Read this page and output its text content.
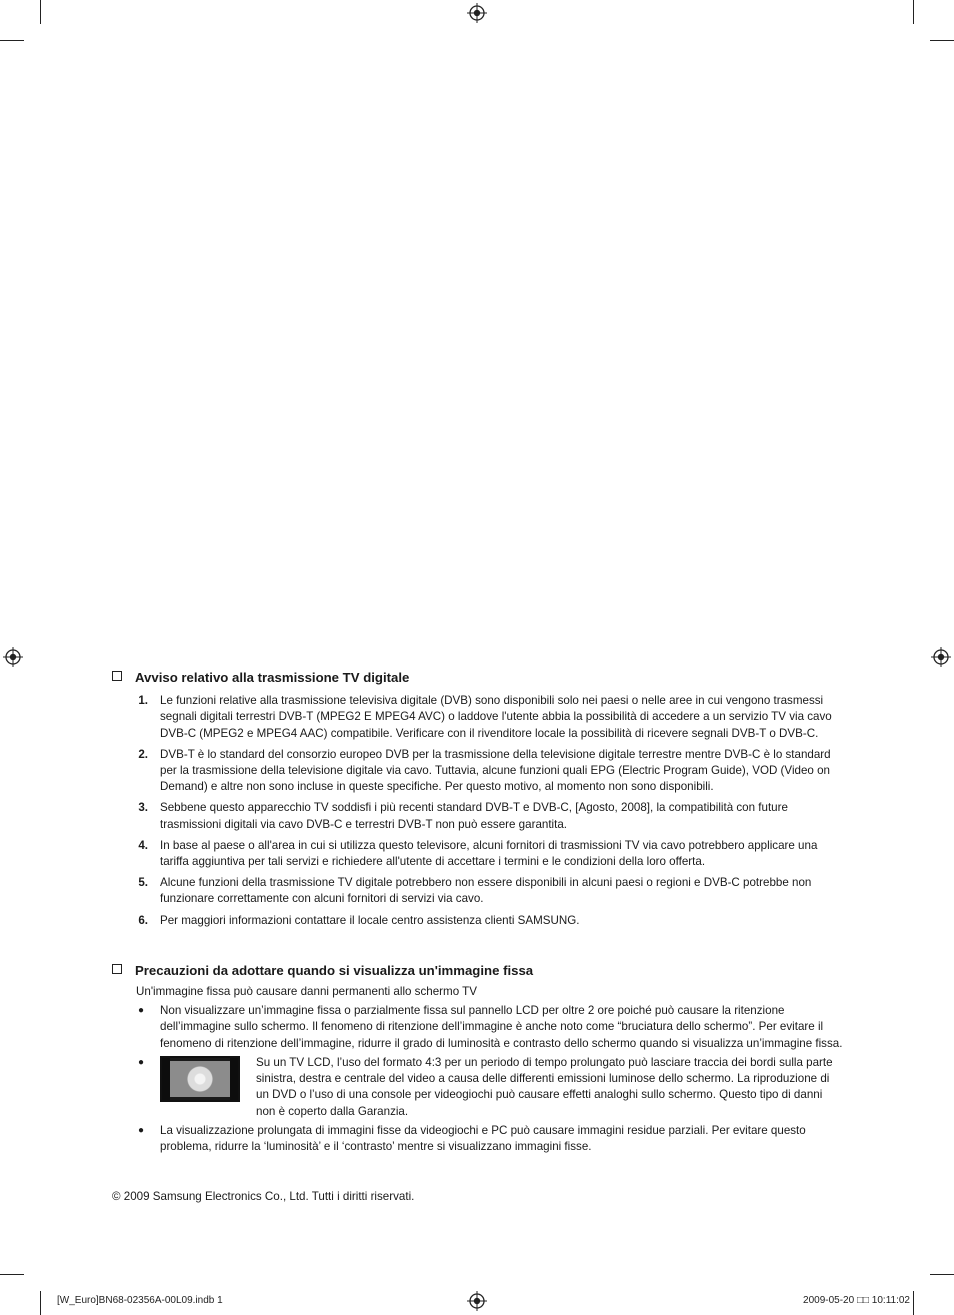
Avviso relativo alla trasmissione TV digitale
1.	Le funzioni relative alla trasmissione televisiva digitale (DVB) sono disponibili solo nei paesi o nelle aree in cui vengono trasmessi segnali digitali terrestri DVB-T (MPEG2 E MPEG4 AVC) o laddove l'utente abbia la possibilità di accedere a un servizio TV via cavo DVB-C (MPEG2 e MPEG4 AAC) compatibile. Verificare con il rivenditore locale la possibilità di ricevere segnali DVB-T o DVB-C.
2.	DVB-T è lo standard del consorzio europeo DVB per la trasmissione della televisione digitale terrestre mentre DVB-C è lo standard per la trasmissione della televisione digitale via cavo. Tuttavia, alcune funzioni quali EPG (Electric Program Guide), VOD (Video on Demand) e altre non sono incluse in queste specifiche. Per questo motivo, al momento non sono disponibili.
3.	Sebbene questo apparecchio TV soddisfi i più recenti standard DVB-T e DVB-C, [Agosto, 2008], la compatibilità con future trasmissioni digitali via cavo DVB-C e terrestri DVB-T non può essere garantita.
4.	In base al paese o all'area in cui si utilizza questo televisore, alcuni fornitori di trasmissioni TV via cavo potrebbero applicare una tariffa aggiuntiva per tali servizi e richiedere all'utente di accettare i termini e le condizioni della loro offerta.
5.	Alcune funzioni della trasmissione TV digitale potrebbero non essere disponibili in alcuni paesi o regioni e DVB-C potrebbe non funzionare correttamente con alcuni fornitori di servizi via cavo.
6.	Per maggiori informazioni contattare il locale centro assistenza clienti SAMSUNG.
Precauzioni da adottare quando si visualizza un'immagine fissa
Un'immagine fissa può causare danni permanenti allo schermo TV
●	Non visualizzare un’immagine fissa o parzialmente fissa sul pannello LCD per oltre 2 ore poiché può causare la ritenzione dell’immagine sullo schermo. Il fenomeno di ritenzione dell’immagine è anche noto come “bruciatura dello schermo”. Per evitare il fenomeno di ritenzione dell’immagine, ridurre il grado di luminosità e contrasto dello schermo quando si visualizza un’immagine fissa.
●	Su un TV LCD, l’uso del formato 4:3 per un periodo di tempo prolungato può lasciare traccia dei bordi sulla parte sinistra, destra e centrale del video a causa delle differenti emissioni luminose dello schermo. La riproduzione di un DVD o l’uso di una console per videogiochi può causare effetti analoghi sullo schermo. Questo tipo di danni non è coperto dalla Garanzia.
●	La visualizzazione prolungata di immagini fisse da videogiochi e PC può causare immagini residue parziali. Per evitare questo problema, ridurre la ‘luminosità’ e il ‘contrasto’ mentre si visualizzano immagini fisse.
© 2009 Samsung Electronics Co., Ltd. Tutti i diritti riservati.
[W_Euro]BN68-02356A-00L09.indb 1	2009-05-20 □□ 10:11:02
